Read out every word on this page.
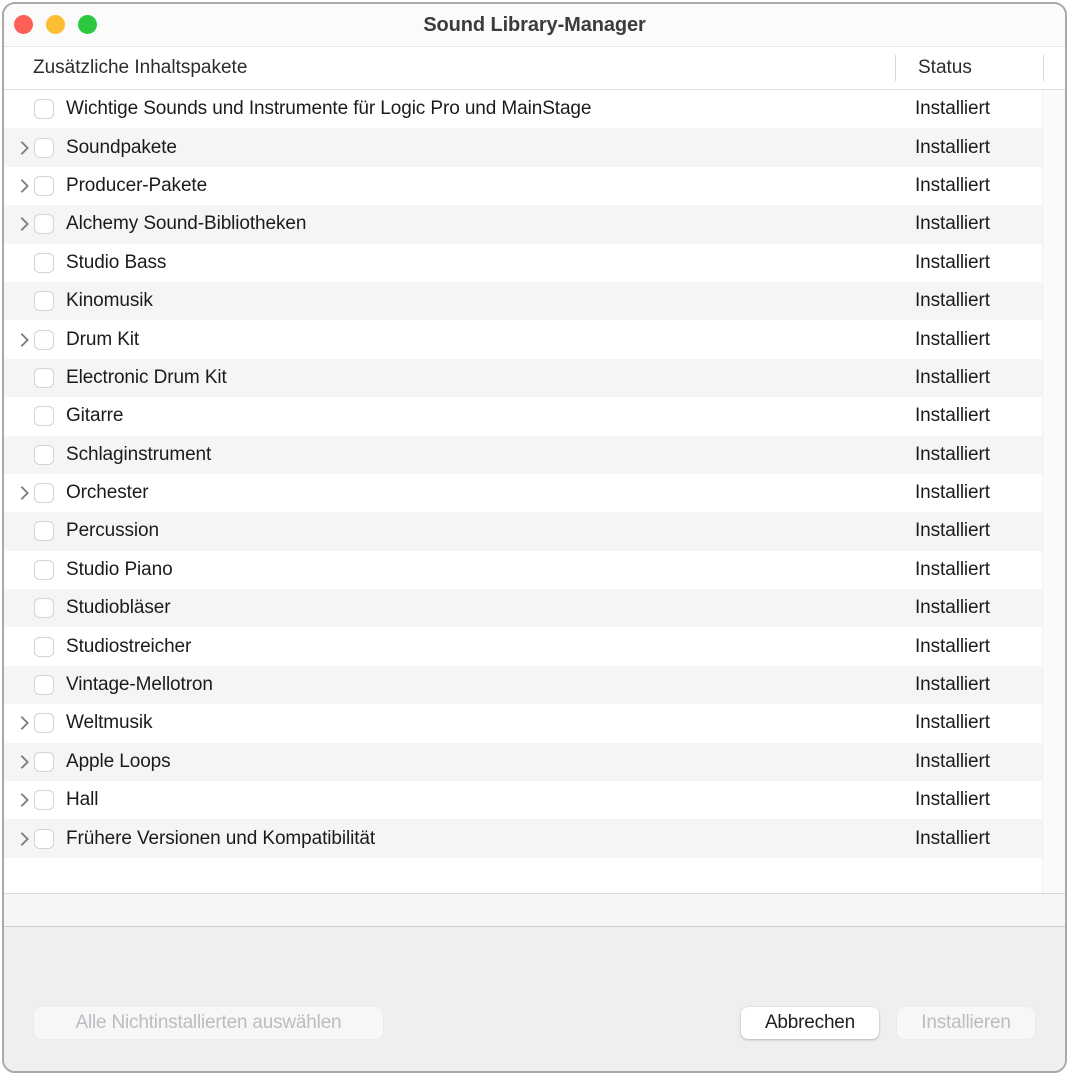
Sound Library-Manager
Zusätzliche Inhaltspakete	Status
Wichtige Sounds und Instrumente für Logic Pro und MainStage	Installiert
Soundpakete	Installiert
Producer-Pakete	Installiert
Alchemy Sound-Bibliotheken	Installiert
Studio Bass	Installiert
Kinomusik	Installiert
Drum Kit	Installiert
Electronic Drum Kit	Installiert
Gitarre	Installiert
Schlaginstrument	Installiert
Orchester	Installiert
Percussion	Installiert
Studio Piano	Installiert
Studiobläser	Installiert
Studiostreicher	Installiert
Vintage-Mellotron	Installiert
Weltmusik	Installiert
Apple Loops	Installiert
Hall	Installiert
Frühere Versionen und Kompatibilität	Installiert
Alle Nichtinstallierten auswählen	Abbrechen	Installieren
